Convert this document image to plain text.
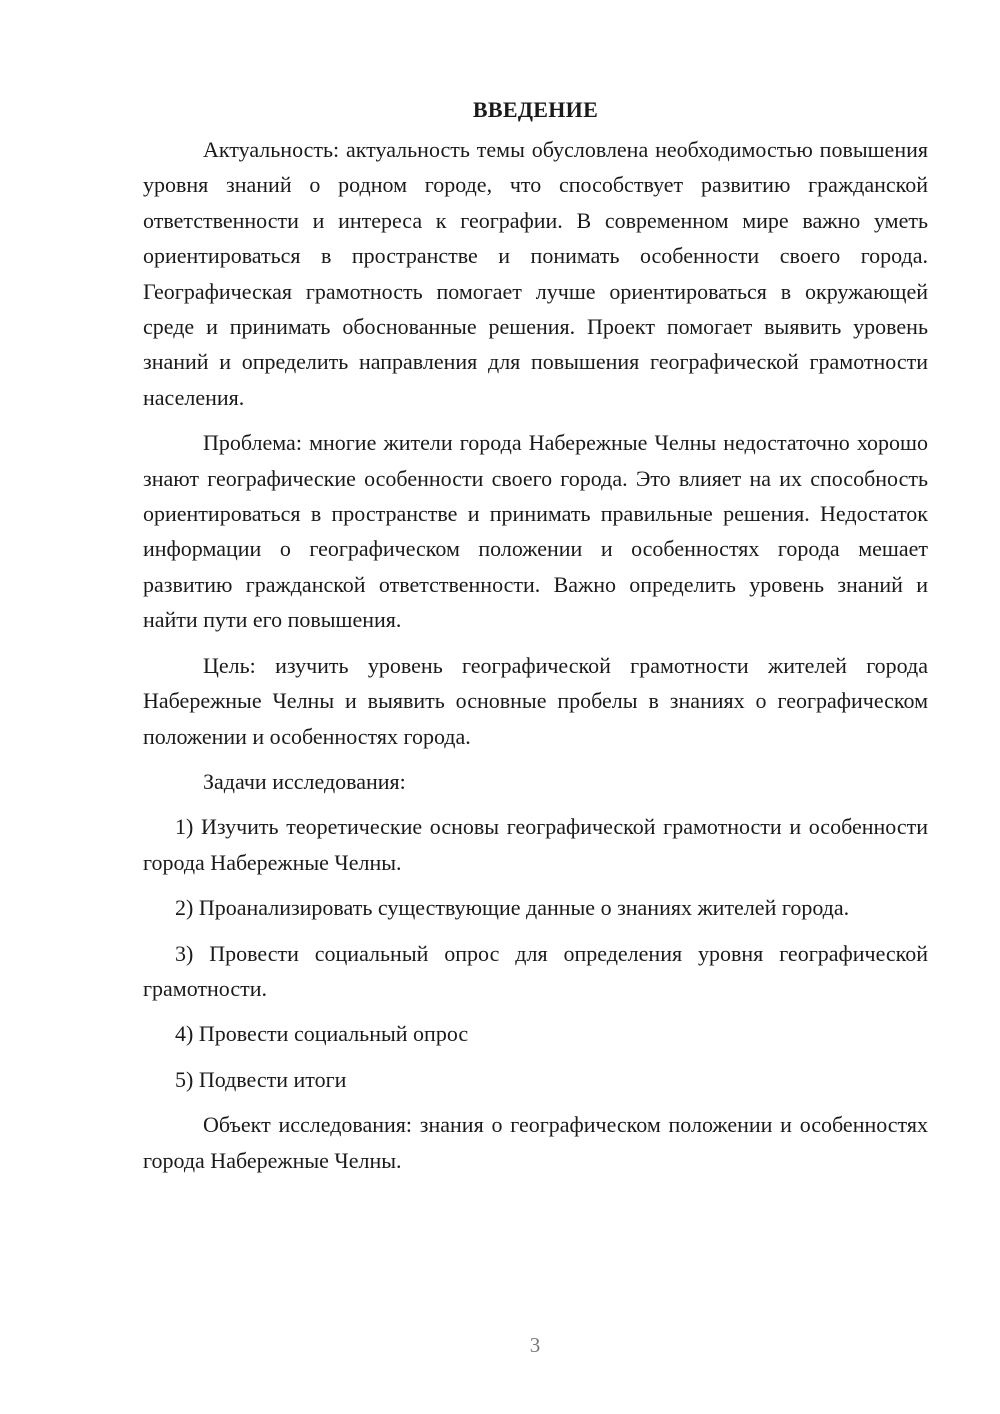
ВВЕДЕНИЕ

Актуальность: актуальность темы обусловлена необходимостью повышения уровня знаний о родном городе, что способствует развитию гражданской ответственности и интереса к географии. В современном мире важно уметь ориентироваться в пространстве и понимать особенности своего города. Географическая грамотность помогает лучше ориентироваться в окружающей среде и принимать обоснованные решения. Проект помогает выявить уровень знаний и определить направления для повышения географической грамотности населения.

Проблема: многие жители города Набережные Челны недостаточно хорошо знают географические особенности своего города. Это влияет на их способность ориентироваться в пространстве и принимать правильные решения. Недостаток информации о географическом положении и особенностях города мешает развитию гражданской ответственности. Важно определить уровень знаний и найти пути его повышения.

Цель: изучить уровень географической грамотности жителей города Набережные Челны и выявить основные пробелы в знаниях о географическом положении и особенностях города.

Задачи исследования:

1) Изучить теоретические основы географической грамотности и особенности города Набережные Челны.

2) Проанализировать существующие данные о знаниях жителей города.

3) Провести социальный опрос для определения уровня географической грамотности.

4) Провести социальный опрос

5) Подвести итоги

Объект исследования: знания о географическом положении и особенностях города Набережные Челны.

3
